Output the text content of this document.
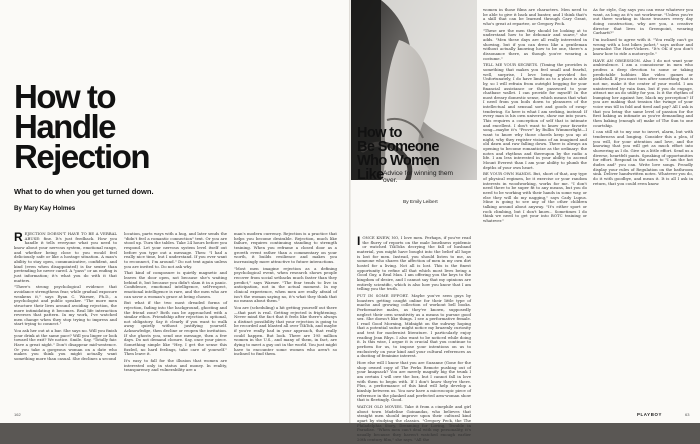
How to
Handle
Rejection

What to do when you get turned down.

By Mary Kay Holmes

REJECTION DOESN'T HAVE TO BE A VERBAL ABUSE: fine. It's just feedback. How you handle it tells everyone what you need to know about your nervous system, emotional range, and whether being close to you would feel deliciously safe or like a hostage situation. A man's ability to stay open, communicative, confident, and kind (even when disappointed) is far sexier than pretending he never cared. A "pass" or an ending is just information; it's what you do with it that matters.

"There's strong psychological evidence that avoidance strengthens fear, while gradual exposure weakens it," says Ryan C. Warner, Ph.D., a psychologist and public speaker. "The more men structure their lives around avoiding rejection, the more intimidating it becomes. Real life interaction reverses that pattern. In my work, I've watched men change when they stop trying to impress and start trying to connect."

You ask her out at a bar. She says no. Will you finish your drink at the same pace? Will you linger or look toward the exit? We notice. Smile. Say, "Totally fair. Have a great night." Don't disappear mid-sentence. Or you take a gorgeous woman on a date who makes you think you might actually want something more than casual. She declines a second

location, parts ways with a hug, and later sends the "didn't feel a romantic connection" text. Or you are stood up. Turn the tables. Take 24 hours before you respond. Let your nervous system level itself out before you type out a message. Then: "I had a really nice time, but I understand. If you ever want to reconnect, I'm around." Do not text again unless you are invited to. Do not ask why.

That kind of composure is quietly magnetic and leaves the door open, not because she's waiting behind it, but because you didn't slam it in a panic. Confidence, emotional intelligence, self-respect, emotional intelligence is rare, and the men who are can savor a woman's grace at being chosen.

But what if the two most dreaded forms of rejection, fading into the background, ghosting and the friend zone? Both can be approached with a similar ethos. Friendship after rejection is optional, not obligatory. Say it clearly if you want to walk away quietly without justifying yourself. Acknowledge, then decline or reopen the invitation. If she ghosts you, send one message, then a few days. Do not demand closure. Say, once your piece. Something simple like "Hey, I get the sense this fizzled, no hard feelings, take care of yourself." Then leave it.

It's easy to fall for the illusion that women are interested only in status and money. In reality, transparency and vulnerability are a

man's modern currency. Rejection is a practice that helps you become desirable. Rejection, much like failure, requires continuing standing to strength training. When you reframe a closed door as a growth event rather than a commentary on your worth, it builds resilience and makes you increasingly more attractive to future interactions.

"Most men imagine rejection as a defining psychological event, when research shows people recover from social setbacks much faster than they predict," says Warner. "The fear tends to live in anticipation, not in the actual moment. In my clinical experience, when men are really afraid of isn't the woman saying no, it's what they think that no means about them."

You are (scheduling) a hit getting yourself out there—that part is real. Getting rejected is frightening. Never mind the fact that it feels like there's always a distinct possibility that your rejection is going to be recorded and blasted all over TikTok, and maybe if you're really bad in your approach, that really could happen. But look. There are 195 million women in the U.S., and many of them, in fact, are dying to meet a guy out in the world. You just might have to encounter some women who aren't so inclined to find them.

162
How to
Be Someone
Who Women
Like Advice for winning them over.

By Emily Leibert

I ONCE KNEW, NO, I love men. Perhaps, if you've read the flurry of reports on the male loneliness epidemic or watched TikToks decrying the fall of husband material, you might have bought into the belief all hope is lost for men. Instead, you should listen to me, as someone who shares the affection of men in my own dirt hostel for a living. Not all is lost. This is the finest opportunity to refine all that which most lives being a Good Guy, a Real Man. I am offering you the keys to the kingdom of desire, and I cannot say that my opinions are entirely scientific, which is also how you know that I am telling you the truth.

PUT IN SOME EFFORT. Maybe you've seen guys by boasters getting caught online for their little type of macho and growing collection of workout bell books. Performative males, as they've known, supposedly neglect their own sensitivity as a means to pursue good sex. She doesn't like things. I see a performative female. I read Good Morning, Midnight on the subway hoping that a potential suitor might notice my brazenly curiosity and test for modernist literature. I particularly enjoy reading Jean Rhys. I also want to be noticed while doing it. Is this wise, I argue it is crucial that you continue to perform for us, to impose your intentions on us to exclusively on your kind and your cultural references as a dusting of feminine interest.

How else will I know that you are Suzanne (Gone for the shop owned copy of The Perks Remote pushing out of your knapsack? You are merely magnify big the trunk I am certain I will owe the box, but I cannot fall in love with them to begin with. If I don't know they're there. Plus, a performance of this kind will help develop a kinship between us. You now have a microscopic piece of reference in the planked and perfected arm-woman show that is fleetingly. Good.

WATCH OLD MOVIES. Take it from a cinephile and girl about town Madeline Goinandas, who believes that straight men should improve upon their cultural kind apart by studying the classics. "Gregory Peck, the The Philadelphia Story, Dreaming for Loving, Trouble in Paradise. "When men can't deal with my personality, it's usually because they haven't watched enough earlier 20th century film," she says. "All the

women in those films are characters. Men need to be able to give it back and banter, and I think that's a skill that can be learned through Cary Grant, who's great at repartee, or Gregory Peck.

"These are the men they should be looking at to understand how to be debonair and suave," she adds. "Men these days are all really interested in showing, but if you can dress like a gentleman without actually knowing how to be one, there's a dissonance there, as though you're wearing a costume."

TELL ME YOUR SECRETS. (Timing the provides is something that makes you feel small and fearful, well, surprise, I love being provided for. Unfortunately, I do have limits as to a place is able by, so I will refrain from outright begging for your financial assistance or the password to your chatbase wallet. I can provide for myself! In the most dreary domestic sense, which means that what I need from you boils down to pleasures of the intellectual and sensual sort and goods of swap-tendering. So here is what I am seeking, instead: If every man is his own universe, show me into yours. This requires a conception of self that is intimate and excellent. I don't want to know your favorite song—maybe it's "Prove" by Bullin Wimmerlight—I want to know why those chords keep you up at night, why they register visions of an imagined and old dawn and raw falling down. There is always an opening to become romanticize as the ordinary: the notes and rhythms and thereupon by the radio a life. I am less interested in your ability to ascend Mount Everest than I am your ability to plumb the depths of your own heart.

BE YOUR OWN HANDS. But, short of that, any type of physical regimen, be it exercise or your random interests in woodworking, works for me. "I don't need there to be super fit to any means, but you do need to be working with their hands in some way, or else they will do my nagging," says Cady Lupus. Mine is going to see any of the other children talking around about anyway. "It's either sport or rock climbing, but I don't know... Sometimes I do think we need to get your into BOTC training or whatever."

As for style, Gay says you can wear whatever you want, as long as it's not workwear. "Unless you're out there working in those trousers every day doing construction, why are you, a creative director that lives in Greenpoint, wearing Carhartt?"

I'm inclined to agree with it. "You really can't go wrong with a lost bikes jacket," says author and journalist The Hare-Vickers. "It's OK if you don't know how to ride a motorcycle."

HAVE AN OBSESSION. Also I do not want your ambivalence. I am a connoisseur in men who profess a deep devotion to some or taking predictable hobbies like video games or pickleball. If you must turn after something that is not me, make it the center of your world. I am uninterested by vain fans, but if you do engage, attract me an do utility for you. Is it the rhythm of bumping her against her, black my perception? If you are making that tension the twinge of your voice was till in fold and tired and pay? All I ask is that you bring the same level of passion for the first baking as intimate as you're demanding and then baking (enough of) make of The Sun to one courtship.

I can still sit to my one to invert, alarm, but with tenderness and longing. Consider this a plea, if you will, for your attention and love, and the knowing that you will get as much effort into showering as I do. Give us a little effort. Send us a diverse, heartfelt pants. Speaking of opportunities for effort. Respond in the notes to "I am the hot dudes and" you can. Write love songs. Proudly display your rules of Regulation on the bathroom sink. Deliver handwritten notes. Whatever you do, do it with goodbye, and mean it. It is all I ask in return, that you could even know.

PLAYBOY	63
